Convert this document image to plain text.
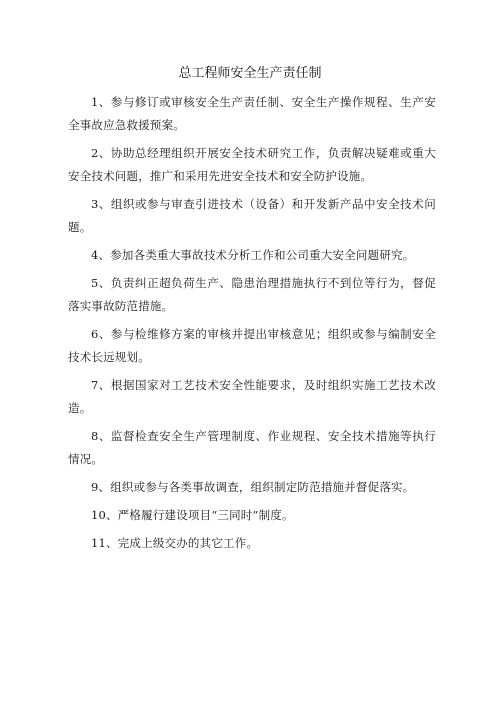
总工程师安全生产责任制

1、参与修订或审核安全生产责任制、安全生产操作规程、生产安全事故应急救援预案。

2、协助总经理组织开展安全技术研究工作，负责解决疑难或重大安全技术问题，推广和采用先进安全技术和安全防护设施。

3、组织或参与审查引进技术（设备）和开发新产品中安全技术问题。

4、参加各类重大事故技术分析工作和公司重大安全问题研究。

5、负责纠正超负荷生产、隐患治理措施执行不到位等行为，督促落实事故防范措施。

6、参与检维修方案的审核并提出审核意见；组织或参与编制安全技术长远规划。

7、根据国家对工艺技术安全性能要求，及时组织实施工艺技术改造。

8、监督检查安全生产管理制度、作业规程、安全技术措施等执行情况。

9、组织或参与各类事故调查，组织制定防范措施并督促落实。

10、严格履行建设项目“三同时”制度。

11、完成上级交办的其它工作。
